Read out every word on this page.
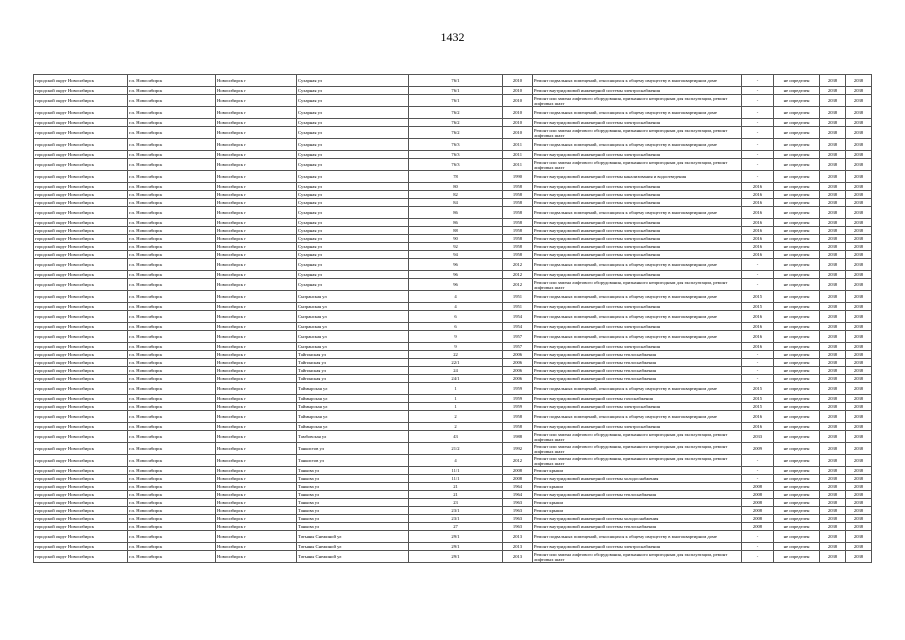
1432
городской округ Новосибирск	г.п. Новосибирск	Новосибирск г	Сухарная ул	76/1	2010	Ремонт подвальных помещений, относящихся к общему имуществу в многоквартирном доме	-	не определен	2038	2038
городской округ Новосибирск	г.п. Новосибирск	Новосибирск г	Сухарная ул	76/1	2010	Ремонт внутридомовой инженерной системы электроснабжения	-	не определен	2038	2038
городской округ Новосибирск	г.п. Новосибирск	Новосибирск г	Сухарная ул	76/1	2010	Ремонт или замена лифтового оборудования, признанного непригодным для эксплуатации, ремонт лифтовых шахт	-	не определен	2038	2038
городской округ Новосибирск	г.п. Новосибирск	Новосибирск г	Сухарная ул	76/2	2010	Ремонт подвальных помещений, относящихся к общему имуществу в многоквартирном доме	-	не определен	2038	2038
городской округ Новосибирск	г.п. Новосибирск	Новосибирск г	Сухарная ул	76/2	2010	Ремонт внутридомовой инженерной системы электроснабжения	-	не определен	2038	2038
городской округ Новосибирск	г.п. Новосибирск	Новосибирск г	Сухарная ул	76/2	2010	Ремонт или замена лифтового оборудования, признанного непригодным для эксплуатации, ремонт лифтовых шахт	-	не определен	2038	2038
городской округ Новосибирск	г.п. Новосибирск	Новосибирск г	Сухарная ул	76/3	2011	Ремонт подвальных помещений, относящихся к общему имуществу в многоквартирном доме	-	не определен	2038	2038
городской округ Новосибирск	г.п. Новосибирск	Новосибирск г	Сухарная ул	76/3	2011	Ремонт внутридомовой инженерной системы электроснабжения	-	не определен	2038	2038
городской округ Новосибирск	г.п. Новосибирск	Новосибирск г	Сухарная ул	76/3	2011	Ремонт или замена лифтового оборудования, признанного непригодным для эксплуатации, ремонт лифтовых шахт	-	не определен	2038	2038
городской округ Новосибирск	г.п. Новосибирск	Новосибирск г	Сухарная ул	78	1990	Ремонт внутридомовой инженерной системы канализования и водоотведения	-	не определен	2038	2038
городской округ Новосибирск	г.п. Новосибирск	Новосибирск г	Сухарная ул	80	1958	Ремонт внутридомовой инженерной системы электроснабжения	2016	не определен	2038	2038
городской округ Новосибирск	г.п. Новосибирск	Новосибирск г	Сухарная ул	82	1958	Ремонт внутридомовой инженерной системы электроснабжения	2016	не определен	2038	2038
городской округ Новосибирск	г.п. Новосибирск	Новосибирск г	Сухарная ул	84	1958	Ремонт внутридомовой инженерной системы электроснабжения	2016	не определен	2038	2038
городской округ Новосибирск	г.п. Новосибирск	Новосибирск г	Сухарная ул	86	1958	Ремонт подвальных помещений, относящихся к общему имуществу в многоквартирном доме	2016	не определен	2038	2038
городской округ Новосибирск	г.п. Новосибирск	Новосибирск г	Сухарная ул	86	1958	Ремонт внутридомовой инженерной системы электроснабжения	2016	не определен	2038	2038
городской округ Новосибирск	г.п. Новосибирск	Новосибирск г	Сухарная ул	88	1958	Ремонт внутридомовой инженерной системы электроснабжения	2016	не определен	2038	2038
городской округ Новосибирск	г.п. Новосибирск	Новосибирск г	Сухарная ул	90	1958	Ремонт внутридомовой инженерной системы электроснабжения	2016	не определен	2038	2038
городской округ Новосибирск	г.п. Новосибирск	Новосибирск г	Сухарная ул	92	1958	Ремонт внутридомовой инженерной системы электроснабжения	2016	не определен	2038	2038
городской округ Новосибирск	г.п. Новосибирск	Новосибирск г	Сухарная ул	94	1958	Ремонт внутридомовой инженерной системы электроснабжения	2016	не определен	2038	2038
городской округ Новосибирск	г.п. Новосибирск	Новосибирск г	Сухарная ул	96	2012	Ремонт подвальных помещений, относящихся к общему имуществу в многоквартирном доме	-	не определен	2038	2038
городской округ Новосибирск	г.п. Новосибирск	Новосибирск г	Сухарная ул	96	2012	Ремонт внутридомовой инженерной системы электроснабжения	-	не определен	2038	2038
городской округ Новосибирск	г.п. Новосибирск	Новосибирск г	Сухарная ул	96	2012	Ремонт или замена лифтового оборудования, признанного непригодным для эксплуатации, ремонт лифтовых шахт	-	не определен	2038	2038
городской округ Новосибирск	г.п. Новосибирск	Новосибирск г	Сызранская ул	4	1951	Ремонт подвальных помещений, относящихся к общему имуществу в многоквартирном доме	2015	не определен	2038	2038
городской округ Новосибирск	г.п. Новосибирск	Новосибирск г	Сызранская ул	4	1951	Ремонт внутридомовой инженерной системы электроснабжения	2015	не определен	2038	2038
городской округ Новосибирск	г.п. Новосибирск	Новосибирск г	Сызранская ул	6	1954	Ремонт подвальных помещений, относящихся к общему имуществу в многоквартирном доме	2016	не определен	2038	2038
городской округ Новосибирск	г.п. Новосибирск	Новосибирск г	Сызранская ул	6	1954	Ремонт внутридомовой инженерной системы электроснабжения	2016	не определен	2038	2038
городской округ Новосибирск	г.п. Новосибирск	Новосибирск г	Сызранская ул	9	1957	Ремонт подвальных помещений, относящихся к общему имуществу в многоквартирном доме	2016	не определен	2038	2038
городской округ Новосибирск	г.п. Новосибирск	Новосибирск г	Сызранская ул	9	1957	Ремонт внутридомовой инженерной системы электроснабжения	2016	не определен	2038	2038
городской округ Новосибирск	г.п. Новосибирск	Новосибирск г	Тайгинская ул	22	2006	Ремонт внутридомовой инженерной системы теплоснабжения	-	не определен	2038	2038
городской округ Новосибирск	г.п. Новосибирск	Новосибирск г	Тайгинская ул	22/1	2006	Ремонт внутридомовой инженерной системы теплоснабжения	-	не определен	2038	2038
городской округ Новосибирск	г.п. Новосибирск	Новосибирск г	Тайгинская ул	24	2006	Ремонт внутридомовой инженерной системы теплоснабжения	-	не определен	2038	2038
городской округ Новосибирск	г.п. Новосибирск	Новосибирск г	Тайгинская ул	24/1	2006	Ремонт внутридомовой инженерной системы теплоснабжения	-	не определен	2038	2038
городской округ Новосибирск	г.п. Новосибирск	Новосибирск г	Таймырская ул	1	1959	Ремонт подвальных помещений, относящихся к общему имуществу в многоквартирном доме	2015	не определен	2038	2038
городской округ Новосибирск	г.п. Новосибирск	Новосибирск г	Таймырская ул	1	1959	Ремонт внутридомовой инженерной системы газоснабжения	2015	не определен	2038	2038
городской округ Новосибирск	г.п. Новосибирск	Новосибирск г	Таймырская ул	1	1959	Ремонт внутридомовой инженерной системы электроснабжения	2015	не определен	2038	2038
городской округ Новосибирск	г.п. Новосибирск	Новосибирск г	Таймырская ул	2	1958	Ремонт подвальных помещений, относящихся к общему имуществу в многоквартирном доме	2016	не определен	2038	2038
городской округ Новосибирск	г.п. Новосибирск	Новосибирск г	Таймырская ул	2	1958	Ремонт внутридомовой инженерной системы электроснабжения	2016	не определен	2038	2038
городской округ Новосибирск	г.п. Новосибирск	Новосибирск г	Тамбовская ул	43	1988	Ремонт или замена лифтового оборудования, признанного непригодным для эксплуатации, ремонт лифтовых шахт	2033	не определен	2038	2038
городской округ Новосибирск	г.п. Новосибирск	Новосибирск г	Танкистов ул	21/2	1992	Ремонт или замена лифтового оборудования, признанного непригодным для эксплуатации, ремонт лифтовых шахт	2009	не определен	2038	2038
городской округ Новосибирск	г.п. Новосибирск	Новосибирск г	Танкистов ул	4	2012	Ремонт или замена лифтового оборудования, признанного непригодным для эксплуатации, ремонт лифтовых шахт	-	не определен	2038	2038
городской округ Новосибирск	г.п. Новосибирск	Новосибирск г	Танкова ул	11/1	2008	Ремонт крыши	-	не определен	2038	2038
городской округ Новосибирск	г.п. Новосибирск	Новосибирск г	Танкова ул	11/1	2008	Ремонт внутридомовой инженерной системы холодоснабжения	-	не определен	2038	2038
городской округ Новосибирск	г.п. Новосибирск	Новосибирск г	Танкова ул	21	1964	Ремонт крыши	2008	не определен	2038	2038
городской округ Новосибирск	г.п. Новосибирск	Новосибирск г	Танкова ул	21	1964	Ремонт внутридомовой инженерной системы теплоснабжения	2008	не определен	2038	2038
городской округ Новосибирск	г.п. Новосибирск	Новосибирск г	Танкова ул	23	1963	Ремонт крыши	2008	не определен	2038	2038
городской округ Новосибирск	г.п. Новосибирск	Новосибирск г	Танкова ул	23/1	1963	Ремонт крыши	2008	не определен	2038	2038
городской округ Новосибирск	г.п. Новосибирск	Новосибирск г	Танкова ул	23/1	1963	Ремонт внутридомовой инженерной системы холодоснабжения	2008	не определен	2038	2038
городской округ Новосибирск	г.п. Новосибирск	Новосибирск г	Танкова ул	27	1963	Ремонт внутридомовой инженерной системы теплоснабжения	2008	не определен	2038	2038
городской округ Новосибирск	г.п. Новосибирск	Новосибирск г	Татьяны Снежиной ул	29/1	2013	Ремонт подвальных помещений, относящихся к общему имуществу в многоквартирном доме	-	не определен	2038	2038
городской округ Новосибирск	г.п. Новосибирск	Новосибирск г	Татьяны Снежиной ул	29/1	2013	Ремонт внутридомовой инженерной системы электроснабжения	-	не определен	2038	2038
городской округ Новосибирск	г.п. Новосибирск	Новосибирск г	Татьяны Снежиной ул	29/1	2013	Ремонт или замена лифтового оборудования, признанного непригодным для эксплуатации, ремонт лифтовых шахт	-	не определен	2038	2038
